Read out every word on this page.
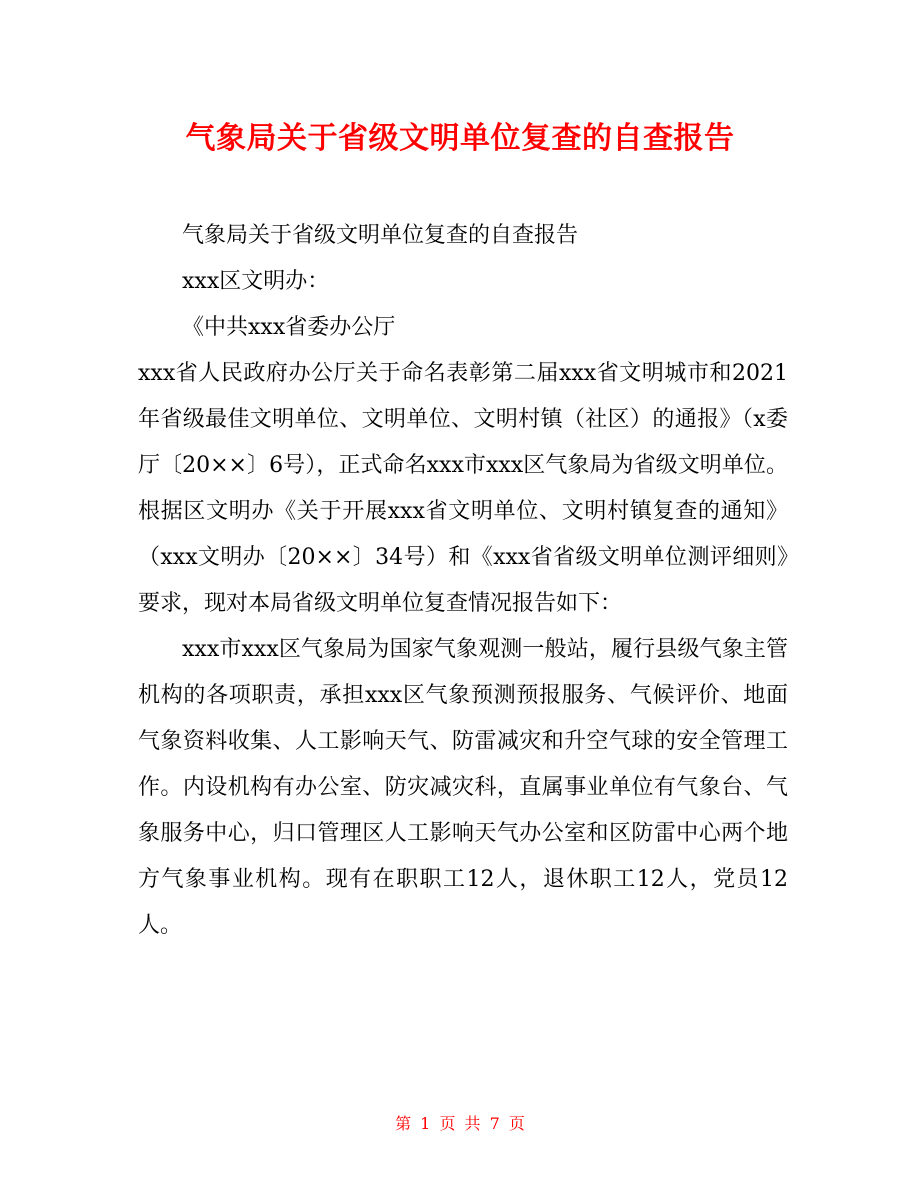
气象局关于省级文明单位复查的自查报告

气象局关于省级文明单位复查的自查报告

xxx区文明办：

《中共xxx省委办公厅

xxx省人民政府办公厅关于命名表彰第二届xxx省文明城市和2021年省级最佳文明单位、文明单位、文明村镇（社区）的通报》（x委厅〔20××〕6号），正式命名xxx市xxx区气象局为省级文明单位。根据区文明办《关于开展xxx省文明单位、文明村镇复查的通知》（xxx文明办〔20××〕34号）和《xxx省省级文明单位测评细则》要求，现对本局省级文明单位复查情况报告如下：

xxx市xxx区气象局为国家气象观测一般站，履行县级气象主管机构的各项职责，承担xxx区气象预测预报服务、气候评价、地面气象资料收集、人工影响天气、防雷减灾和升空气球的安全管理工作。内设机构有办公室、防灾减灾科，直属事业单位有气象台、气象服务中心，归口管理区人工影响天气办公室和区防雷中心两个地方气象事业机构。现有在职职工12人，退休职工12人，党员12人。

第 1 页 共 7 页
